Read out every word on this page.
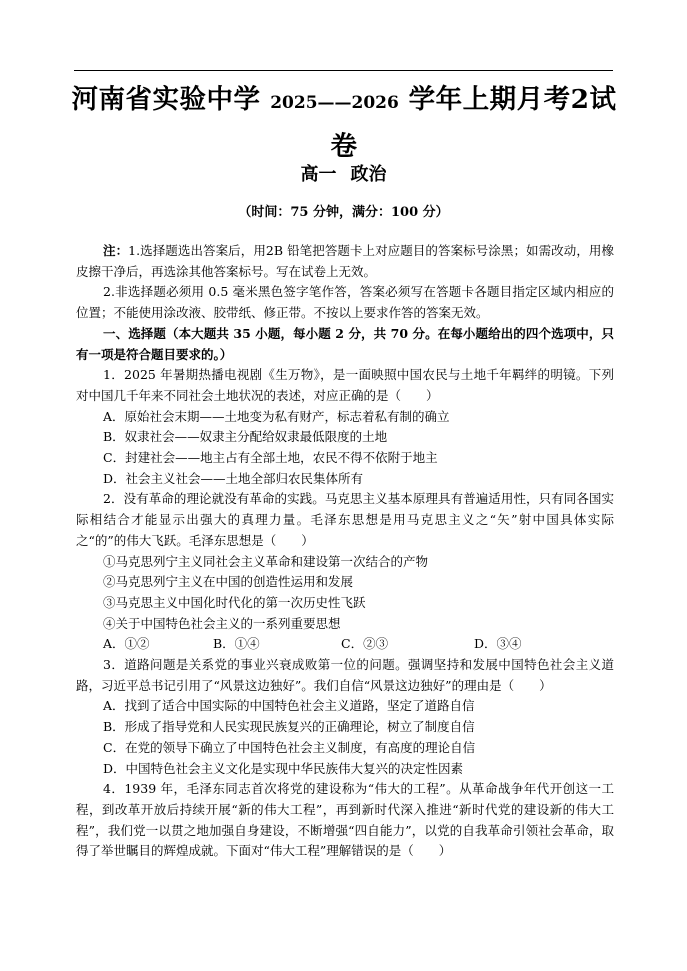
河南省实验中学 2025——2026 学年上期月考2试
卷
高一 政治
（时间：75 分钟，满分：100 分）

注：1.选择题选出答案后，用2B 铅笔把答题卡上对应题目的答案标号涂黑；如需改动，用橡皮擦干净后，再选涂其他答案标号。写在试卷上无效。

2.非选择题必须用 0.5 毫米黑色签字笔作答，答案必须写在答题卡各题目指定区域内相应的位置；不能使用涂改液、胶带纸、修正带。不按以上要求作答的答案无效。

一、选择题（本大题共 35 小题，每小题 2 分，共 70 分。在每小题给出的四个选项中，只有一项是符合题目要求的。）

1．2025 年暑期热播电视剧《生万物》，是一面映照中国农民与土地千年羁绊的明镜。下列对中国几千年来不同社会土地状况的表述，对应正确的是（　　）

A．原始社会末期——土地变为私有财产，标志着私有制的确立

B．奴隶社会——奴隶主分配给奴隶最低限度的土地

C．封建社会——地主占有全部土地，农民不得不依附于地主

D．社会主义社会——土地全部归农民集体所有

2．没有革命的理论就没有革命的实践。马克思主义基本原理具有普遍适用性，只有同各国实际相结合才能显示出强大的真理力量。毛泽东思想是用马克思主义之“矢”射中国具体实际之“的”的伟大飞跃。毛泽东思想是（　　）

①马克思列宁主义同社会主义革命和建设第一次结合的产物

②马克思列宁主义在中国的创造性运用和发展

③马克思主义中国化时代化的第一次历史性飞跃

④关于中国特色社会主义的一系列重要思想

A．①②	B．①④	C．②③	D．③④

3．道路问题是关系党的事业兴衰成败第一位的问题。强调坚持和发展中国特色社会主义道路，习近平总书记引用了“风景这边独好”。我们自信“风景这边独好”的理由是（　　）

A．找到了适合中国实际的中国特色社会主义道路，坚定了道路自信

B．形成了指导党和人民实现民族复兴的正确理论，树立了制度自信

C．在党的领导下确立了中国特色社会主义制度，有高度的理论自信

D．中国特色社会主义文化是实现中华民族伟大复兴的决定性因素

4．1939 年，毛泽东同志首次将党的建设称为“伟大的工程”。从革命战争年代开创这一工程，到改革开放后持续开展“新的伟大工程”，再到新时代深入推进“新时代党的建设新的伟大工程”，我们党一以贯之地加强自身建设，不断增强“四自能力”，以党的自我革命引领社会革命，取得了举世瞩目的辉煌成就。下面对“伟大工程”理解错误的是（　　）
